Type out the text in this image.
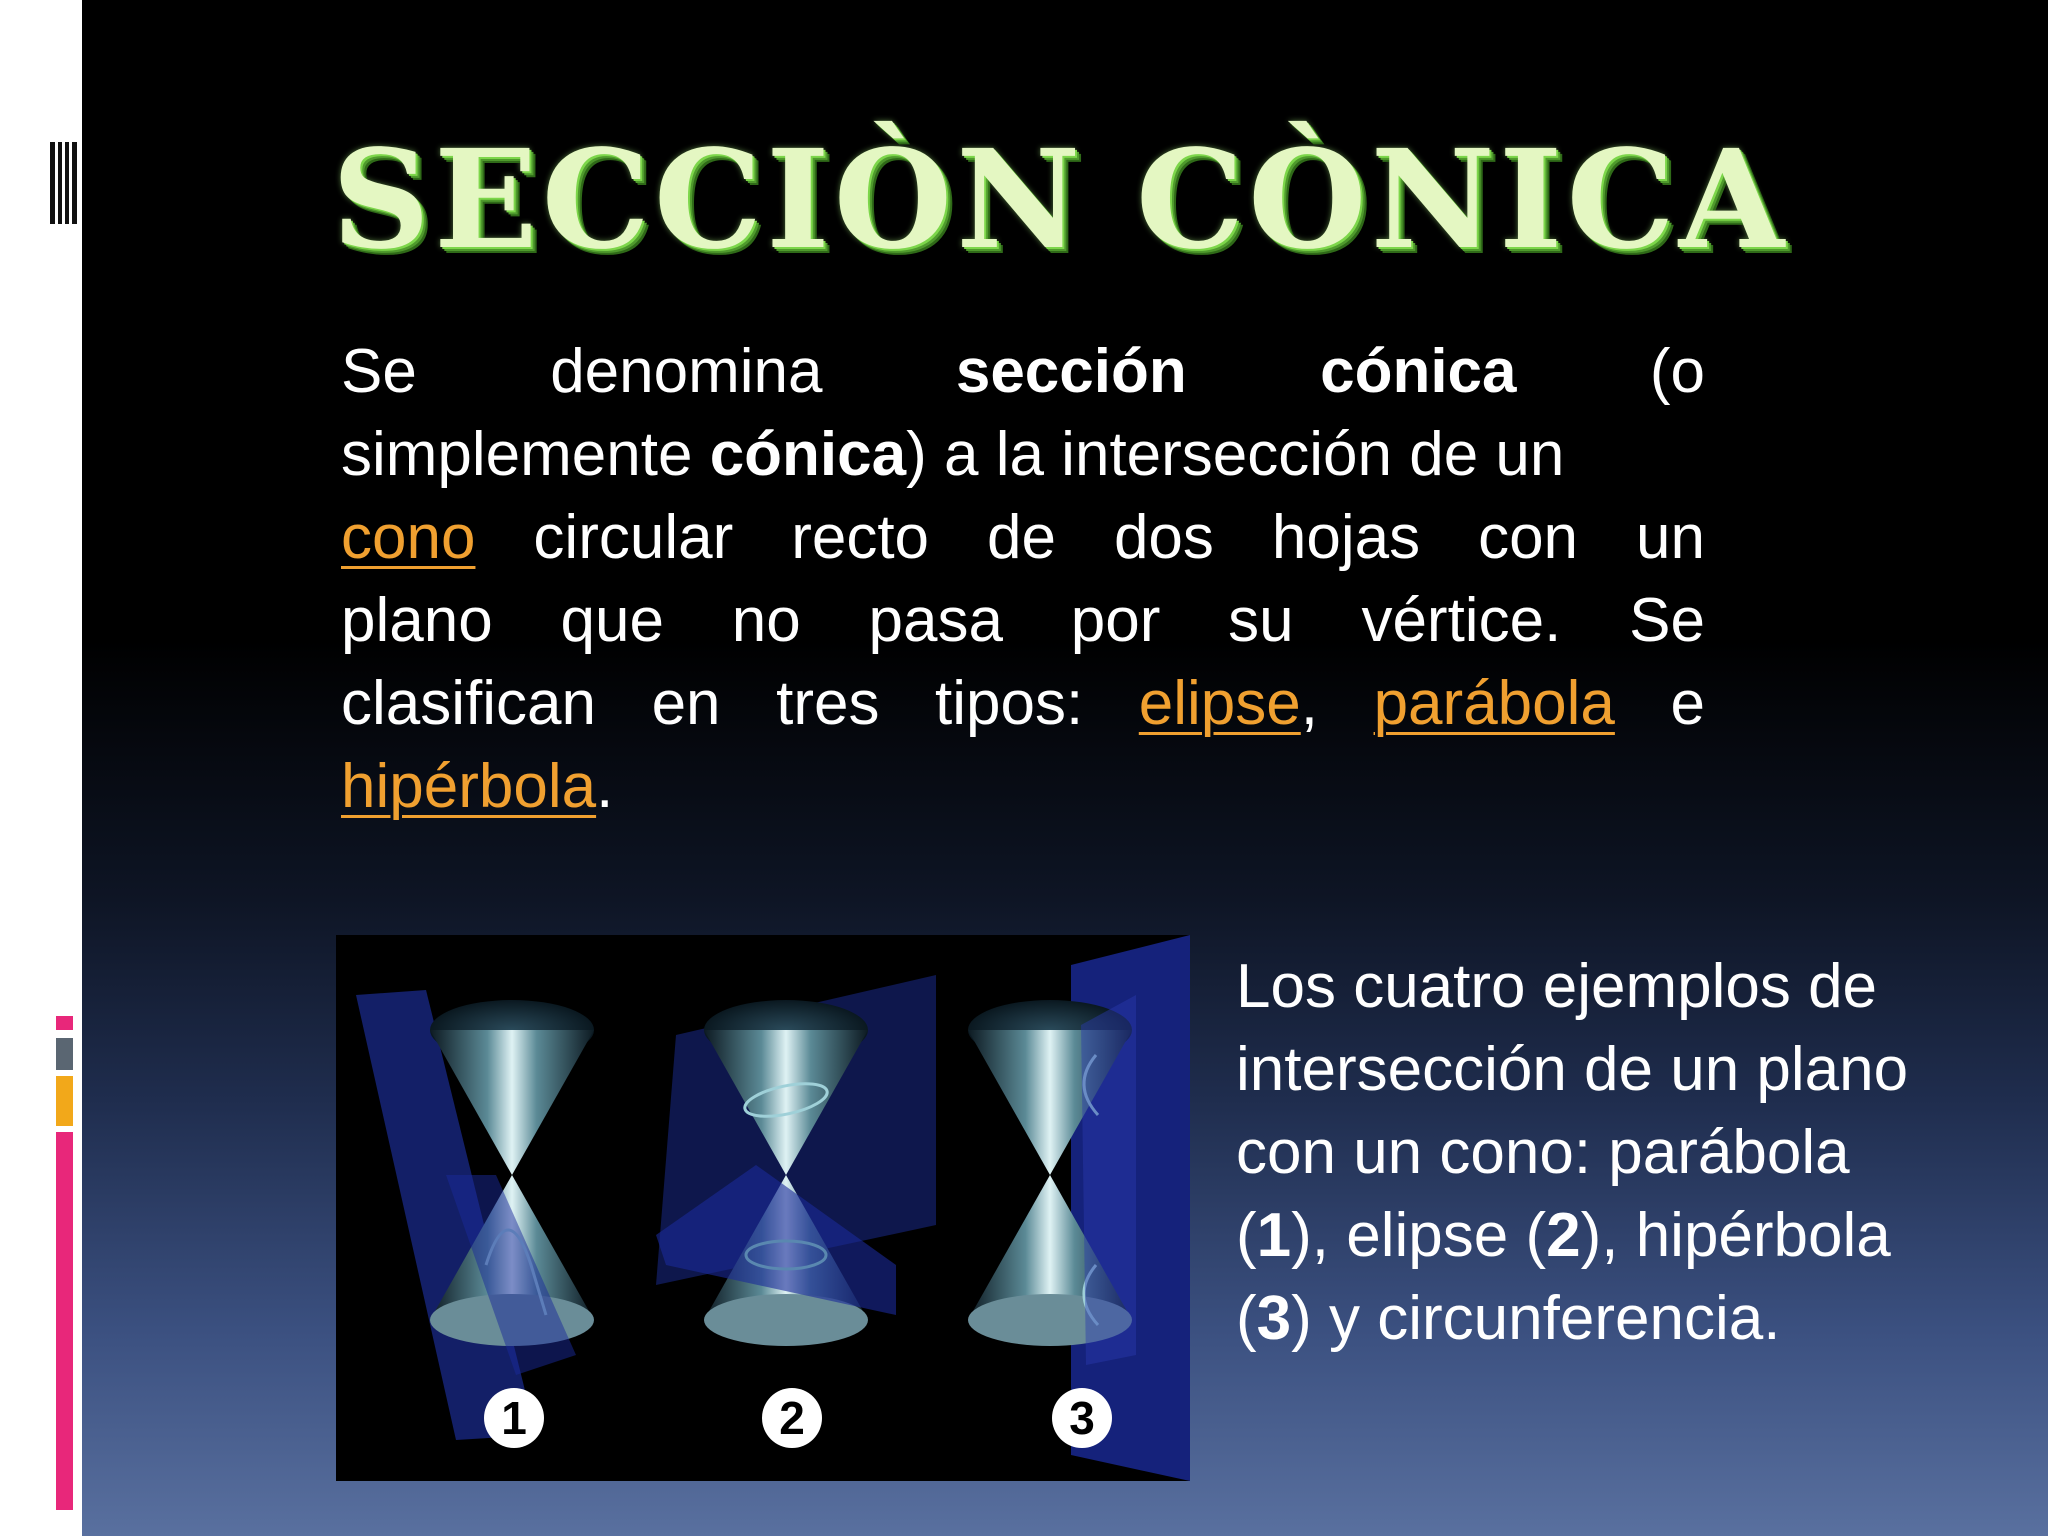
SECCIÒN CÒNICA
Se denomina sección cónica (o
simplemente cónica) a la intersección de un
cono circular recto de dos hojas con un
plano que no pasa por su vértice. Se
clasifican en tres tipos: elipse, parábola e
hipérbola .
1	2	3
Los cuatro ejemplos de
intersección de un plano
con un cono: parábola
(1), elipse (2), hipérbola
(3) y circunferencia.
